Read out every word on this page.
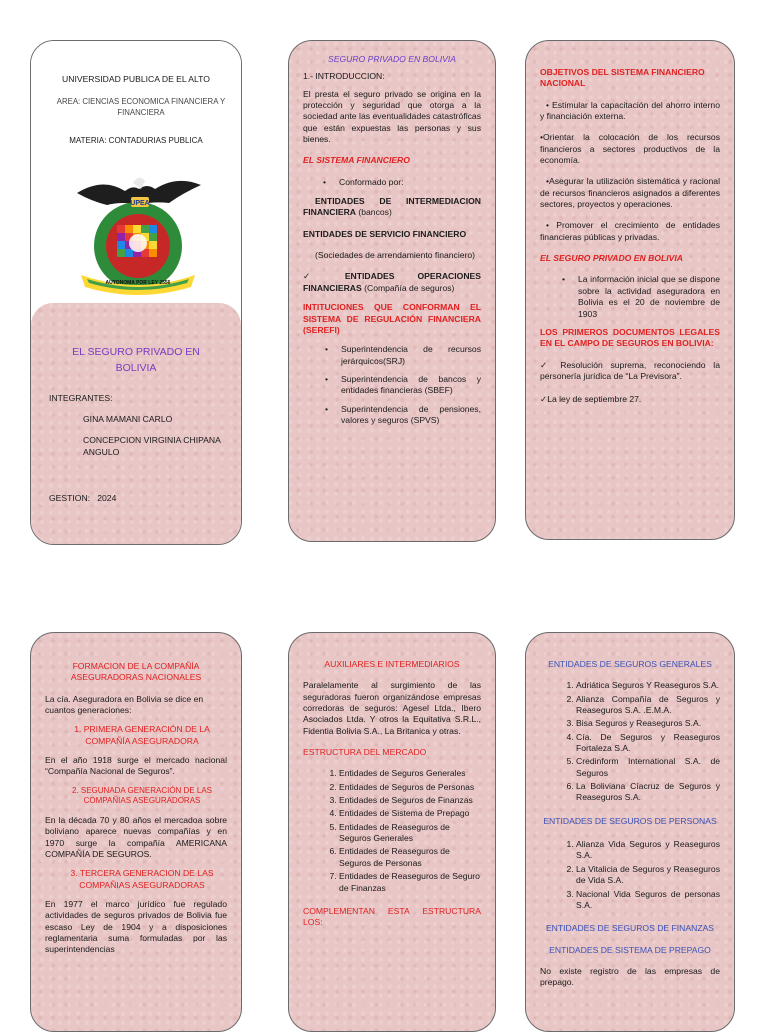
UNIVERSIDAD PUBLICA DE EL ALTO
AREA: CIENCIAS ECONOMICA FINANCIERA Y FINANCIERA
MATERIA: CONTADURIAS PUBLICA
UPEA
AUTONOMA POR LEY 2556
EL SEGURO PRIVADO EN BOLIVIA
INTEGRANTES:
GINA MAMANI CARLO
CONCEPCION VIRGINIA CHIPANA ANGULO
GESTION:   2024

SEGURO PRIVADO EN BOLIVIA

1.- INTRODUCCION:

El presta el seguro privado se origina en la protección y seguridad que otorga a la sociedad ante las eventualidades catastróficas que están expuestas las personas y sus bienes.

EL SISTEMA FINANCIERO

• Conformado por:

ENTIDADES DE INTERMEDIACION FINANCIERA (bancos)

ENTIDADES DE SERVICIO FINANCIERO

(Sociedades de arrendamiento financiero)

✓ ENTIDADES OPERACIONES FINANCIERAS (Compañía de seguros)

INTITUCIONES QUE CONFORMAN EL SISTEMA DE REGULACIÓN FINANCIERA (SEREFI)

• Superintendencia de recursos jerárquicos(SRJ)
• Superintendencia de bancos y entidades financieras (SBEF)
• Superintendencia de pensiones, valores y seguros (SPVS)

OBJETIVOS DEL SISTEMA FINANCIERO NACIONAL

• Estimular la capacitación del ahorro interno y financiación externa.

•Orientar la colocación de los recursos financieros a sectores productivos de la economía.

•Asegurar la utilización sistemática y racional de recursos financieros asignados a diferentes sectores, proyectos y operaciones.

• Promover el crecimiento de entidades financieras públicas y privadas.

EL SEGURO PRIVADO EN BOLIVIA

• La información inicial que se dispone sobre la actividad aseguradora en Bolivia es el 20 de noviembre de 1903

LOS PRIMEROS DOCUMENTOS LEGALES EN EL CAMPO DE SEGUROS EN BOLIVIA:

✓ Resolución suprema, reconociendo la personería jurídica de “La Previsora”.

✓La ley de septiembre 27.

FORMACION DE LA COMPAÑÍA ASEGURADORAS NACIONALES

La cía. Aseguradora en Bolivia se dice en cuantos generaciones:

1. PRIMERA GENERACIÓN DE LA COMPAÑÍA ASEGURADORA

En el año 1918 surge el mercado nacional “Compañía Nacional de Seguros”.

2. SEGUNADA GENERACIÓN DE LAS COMPAÑIAS ASEGURADORAS

En la década 70 y 80 años el mercadoa sobre boliviano aparece nuevas compañías y en 1970 surge la compañía AMERICANA COMPAÑÍA DE SEGUROS.

3. TERCERA GENERACION DE LAS COMPAÑIAS ASEGURADORAS

En 1977 el marco jurídico fue regulado actividades de seguros privados de Bolivia fue escaso Ley de 1904 y a disposiciones reglamentaria suma formuladas por las superintendencias

AUXILIARES E INTERMEDIARIOS

Paralelamente al surgimiento de las seguradoras fueron organizándose empresas corredoras de seguros: Agesel Ltda., Ibero Asociados Ltda. Y otros la Equitativa S.R.L., Fidentia Bolivia S.A., La Britanica y otras.

ESTRUCTURA DEL MERCADO

1. Entidades de Seguros Generales
2. Entidades de Seguros de Personas
3. Entidades de Seguros de Finanzas
4. Entidades de Sistema de Prepago
5. Entidades de Reaseguros de Seguros Generales
6. Entidades de Reaseguros de Seguros de Personas
7. Entidades de Reaseguros de Seguro de Finanzas

COMPLEMENTAN ESTA ESTRUCTURA LOS:

ENTIDADES DE SEGUROS GENERALES

1. Adriática Seguros Y Reaseguros S.A.
2. Alianza Compañía de Seguros y Reaseguros S.A. .E.M.A.
3. Bisa Seguros y Reaseguros S.A.
4. Cía. De Seguros y Reaseguros Fortaleza S.A.
5. Credinform International S.A. de Seguros
6. La Boliviana Cíacruz de Seguros y Reaseguros S.A.

ENTIDADES DE SEGUROS DE PERSONAS

1. Alianza Vida Seguros y Reaseguros S.A.
2. La Vitalicia de Seguros y Reaseguros de Vida S.A.
3. Nacional Vida Seguros de personas S.A.

ENTIDADES DE SEGUROS DE FINANZAS

ENTIDADES DE SISTEMA DE PREPAGO

No existe registro de las empresas de prepago.
